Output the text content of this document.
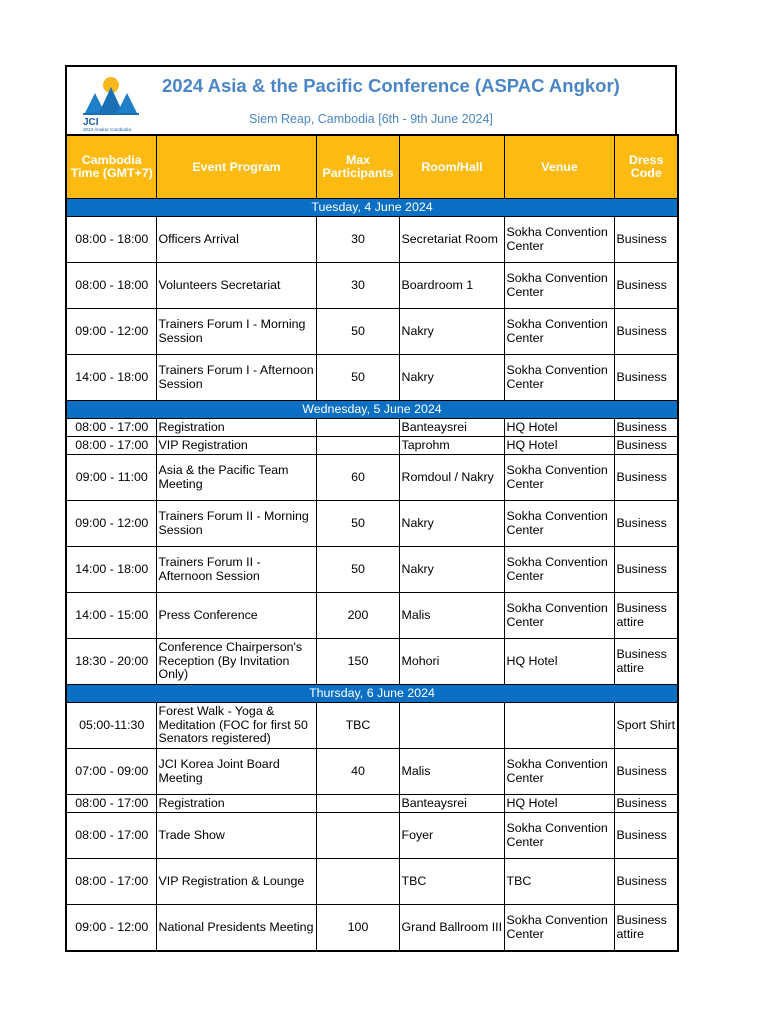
JCI
2024 Angkor Cambodia
2024 Asia & the Pacific Conference (ASPAC Angkor)
Siem Reap, Cambodia [6th - 9th June 2024]
Cambodia Time (GMT+7)	Event Program	Max Participants	Room/Hall	Venue	Dress Code
Tuesday, 4 June 2024					
08:00 - 18:00	Officers Arrival	30	Secretariat Room	Sokha Convention Center	Business
08:00 - 18:00	Volunteers Secretariat	30	Boardroom 1	Sokha Convention Center	Business
09:00 - 12:00	Trainers Forum I - Morning Session	50	Nakry	Sokha Convention Center	Business
14:00 - 18:00	Trainers Forum I - Afternoon Session	50	Nakry	Sokha Convention Center	Business
Wednesday, 5 June 2024					
08:00 - 17:00	Registration		Banteaysrei	HQ Hotel	Business
08:00 - 17:00	VIP Registration		Taprohm	HQ Hotel	Business
09:00 - 11:00	Asia & the Pacific Team Meeting	60	Romdoul / Nakry	Sokha Convention Center	Business
09:00 - 12:00	Trainers Forum II - Morning Session	50	Nakry	Sokha Convention Center	Business
14:00 - 18:00	Trainers Forum II - Afternoon Session	50	Nakry	Sokha Convention Center	Business
14:00 - 15:00	Press Conference	200	Malis	Sokha Convention Center	Business attire
18:30 - 20:00	Conference Chairperson's Reception (By Invitation Only)	150	Mohori	HQ Hotel	Business attire
Thursday, 6 June 2024					
05:00-11:30	Forest Walk - Yoga & Meditation (FOC for first 50 Senators registered)	TBC			Sport Shirt
07:00 - 09:00	JCI Korea Joint Board Meeting	40	Malis	Sokha Convention Center	Business
08:00 - 17:00	Registration		Banteaysrei	HQ Hotel	Business
08:00 - 17:00	Trade Show		Foyer	Sokha Convention Center	Business
08:00 - 17:00	VIP Registration & Lounge		TBC	TBC	Business
09:00 - 12:00	National Presidents Meeting	100	Grand Ballroom III	Sokha Convention Center	Business attire
